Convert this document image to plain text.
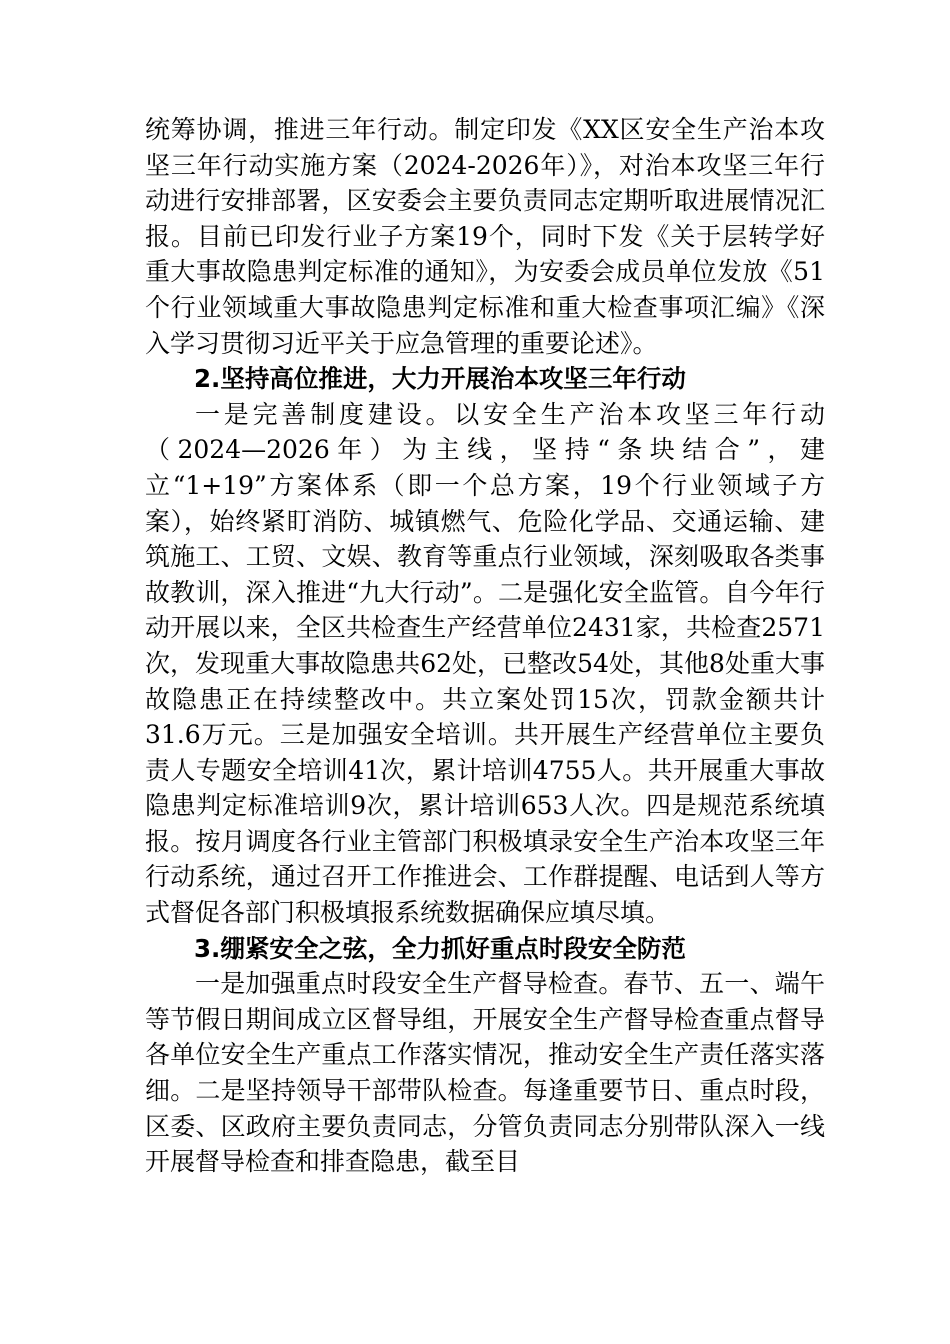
统筹协调，推进三年行动。制定印发《XX区安全生产治本攻坚三年行动实施方案（2024-2026年）》，对治本攻坚三年行动进行安排部署，区安委会主要负责同志定期听取进展情况汇报。目前已印发行业子方案19个，同时下发《关于层转学好重大事故隐患判定标准的通知》，为安委会成员单位发放《51个行业领域重大事故隐患判定标准和重大检查事项汇编》《深入学习贯彻习近平关于应急管理的重要论述》。

2.坚持高位推进，大力开展治本攻坚三年行动

一是完善制度建设。以安全生产治本攻坚三年行动（2024—2026年）为主线，坚持“条块结合”，建立“1+19”方案体系（即一个总方案，19个行业领域子方案），始终紧盯消防、城镇燃气、危险化学品、交通运输、建筑施工、工贸、文娱、教育等重点行业领域，深刻吸取各类事故教训，深入推进“九大行动”。二是强化安全监管。自今年行动开展以来，全区共检查生产经营单位2431家，共检查2571次，发现重大事故隐患共62处，已整改54处，其他8处重大事故隐患正在持续整改中。共立案处罚15次，罚款金额共计31.6万元。三是加强安全培训。共开展生产经营单位主要负责人专题安全培训41次，累计培训4755人。共开展重大事故隐患判定标准培训9次，累计培训653人次。四是规范系统填报。按月调度各行业主管部门积极填录安全生产治本攻坚三年行动系统，通过召开工作推进会、工作群提醒、电话到人等方式督促各部门积极填报系统数据确保应填尽填。

3.绷紧安全之弦，全力抓好重点时段安全防范

一是加强重点时段安全生产督导检查。春节、五一、端午等节假日期间成立区督导组，开展安全生产督导检查重点督导各单位安全生产重点工作落实情况，推动安全生产责任落实落细。二是坚持领导干部带队检查。每逢重要节日、重点时段，区委、区政府主要负责同志，分管负责同志分别带队深入一线开展督导检查和排查隐患，截至目
